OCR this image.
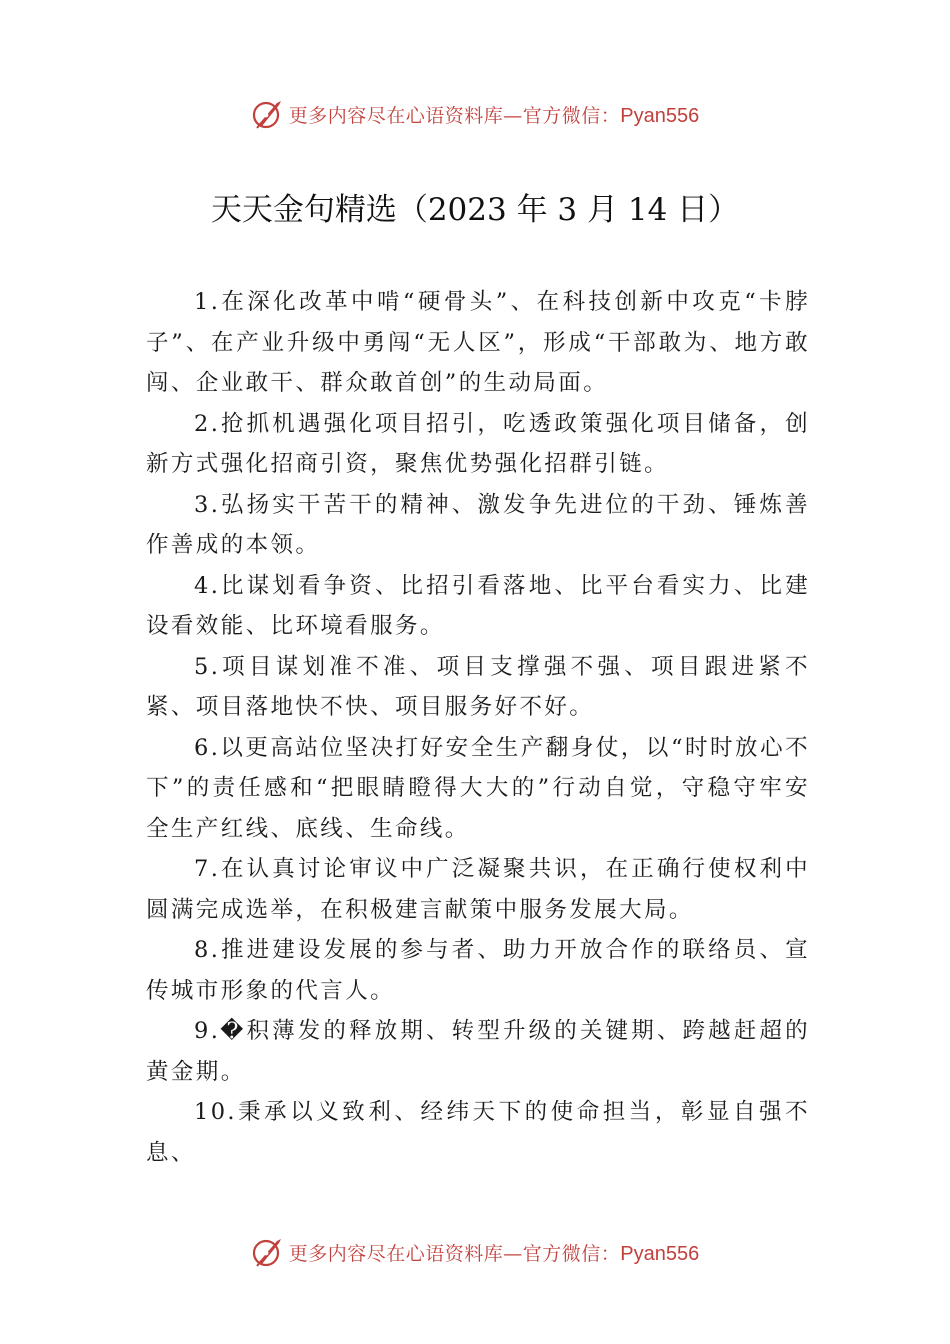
更多内容尽在心语资料库—官方微信：Pyan556
天天金句精选（2023 年 3 月 14 日）

1.在深化改革中啃“硬骨头”、在科技创新中攻克“卡脖子”、在产业升级中勇闯“无人区”，形成“干部敢为、地方敢闯、企业敢干、群众敢首创”的生动局面。

2.抢抓机遇强化项目招引，吃透政策强化项目储备，创新方式强化招商引资，聚焦优势强化招群引链。

3.弘扬实干苦干的精神、激发争先进位的干劲、锤炼善作善成的本领。

4.比谋划看争资、比招引看落地、比平台看实力、比建设看效能、比环境看服务。

5.项目谋划准不准、项目支撑强不强、项目跟进紧不紧、项目落地快不快、项目服务好不好。

6.以更高站位坚决打好安全生产翻身仗，以“时时放心不下”的责任感和“把眼睛瞪得大大的”行动自觉，守稳守牢安全生产红线、底线、生命线。

7.在认真讨论审议中广泛凝聚共识，在正确行使权利中圆满完成选举，在积极建言献策中服务发展大局。

8.推进建设发展的参与者、助力开放合作的联络员、宣传城市形象的代言人。

9.�积薄发的释放期、转型升级的关键期、跨越赶超的黄金期。

10.秉承以义致利、经纬天下的使命担当，彰显自强不息、

更多内容尽在心语资料库—官方微信：Pyan556
